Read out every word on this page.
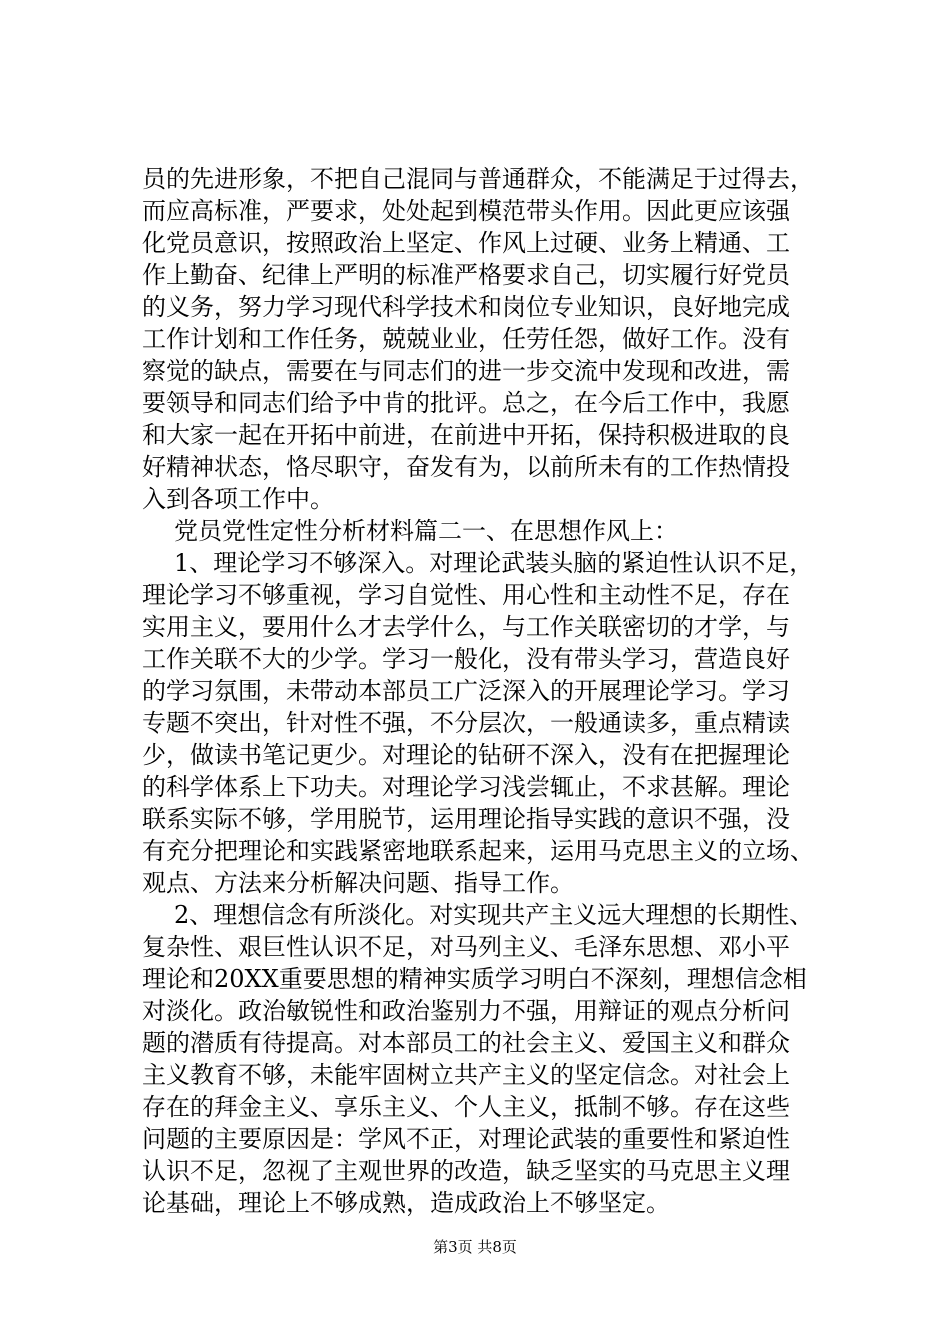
员的先进形象，不把自己混同与普通群众，不能满足于过得去，
而应高标准，严要求，处处起到模范带头作用。因此更应该强
化党员意识，按照政治上坚定、作风上过硬、业务上精通、工
作上勤奋、纪律上严明的标准严格要求自己，切实履行好党员
的义务，努力学习现代科学技术和岗位专业知识，良好地完成
工作计划和工作任务，兢兢业业，任劳任怨，做好工作。没有
察觉的缺点，需要在与同志们的进一步交流中发现和改进，需
要领导和同志们给予中肯的批评。总之，在今后工作中，我愿
和大家一起在开拓中前进，在前进中开拓，保持积极进取的良
好精神状态，恪尽职守，奋发有为，以前所未有的工作热情投
入到各项工作中。
党员党性定性分析材料篇二一、在思想作风上：
1、理论学习不够深入。对理论武装头脑的紧迫性认识不足，
理论学习不够重视，学习自觉性、用心性和主动性不足，存在
实用主义，要用什么才去学什么，与工作关联密切的才学，与
工作关联不大的少学。学习一般化，没有带头学习，营造良好
的学习氛围，未带动本部员工广泛深入的开展理论学习。学习
专题不突出，针对性不强，不分层次，一般通读多，重点精读
少，做读书笔记更少。对理论的钻研不深入，没有在把握理论
的科学体系上下功夫。对理论学习浅尝辄止，不求甚解。理论
联系实际不够，学用脱节，运用理论指导实践的意识不强，没
有充分把理论和实践紧密地联系起来，运用马克思主义的立场、
观点、方法来分析解决问题、指导工作。
2、理想信念有所淡化。对实现共产主义远大理想的长期性、
复杂性、艰巨性认识不足，对马列主义、毛泽东思想、邓小平
理论和20XX重要思想的精神实质学习明白不深刻，理想信念相
对淡化。政治敏锐性和政治鉴别力不强，用辩证的观点分析问
题的潜质有待提高。对本部员工的社会主义、爱国主义和群众
主义教育不够，未能牢固树立共产主义的坚定信念。对社会上
存在的拜金主义、享乐主义、个人主义，抵制不够。存在这些
问题的主要原因是：学风不正，对理论武装的重要性和紧迫性
认识不足，忽视了主观世界的改造，缺乏坚实的马克思主义理
论基础，理论上不够成熟，造成政治上不够坚定。
第3页 共8页
